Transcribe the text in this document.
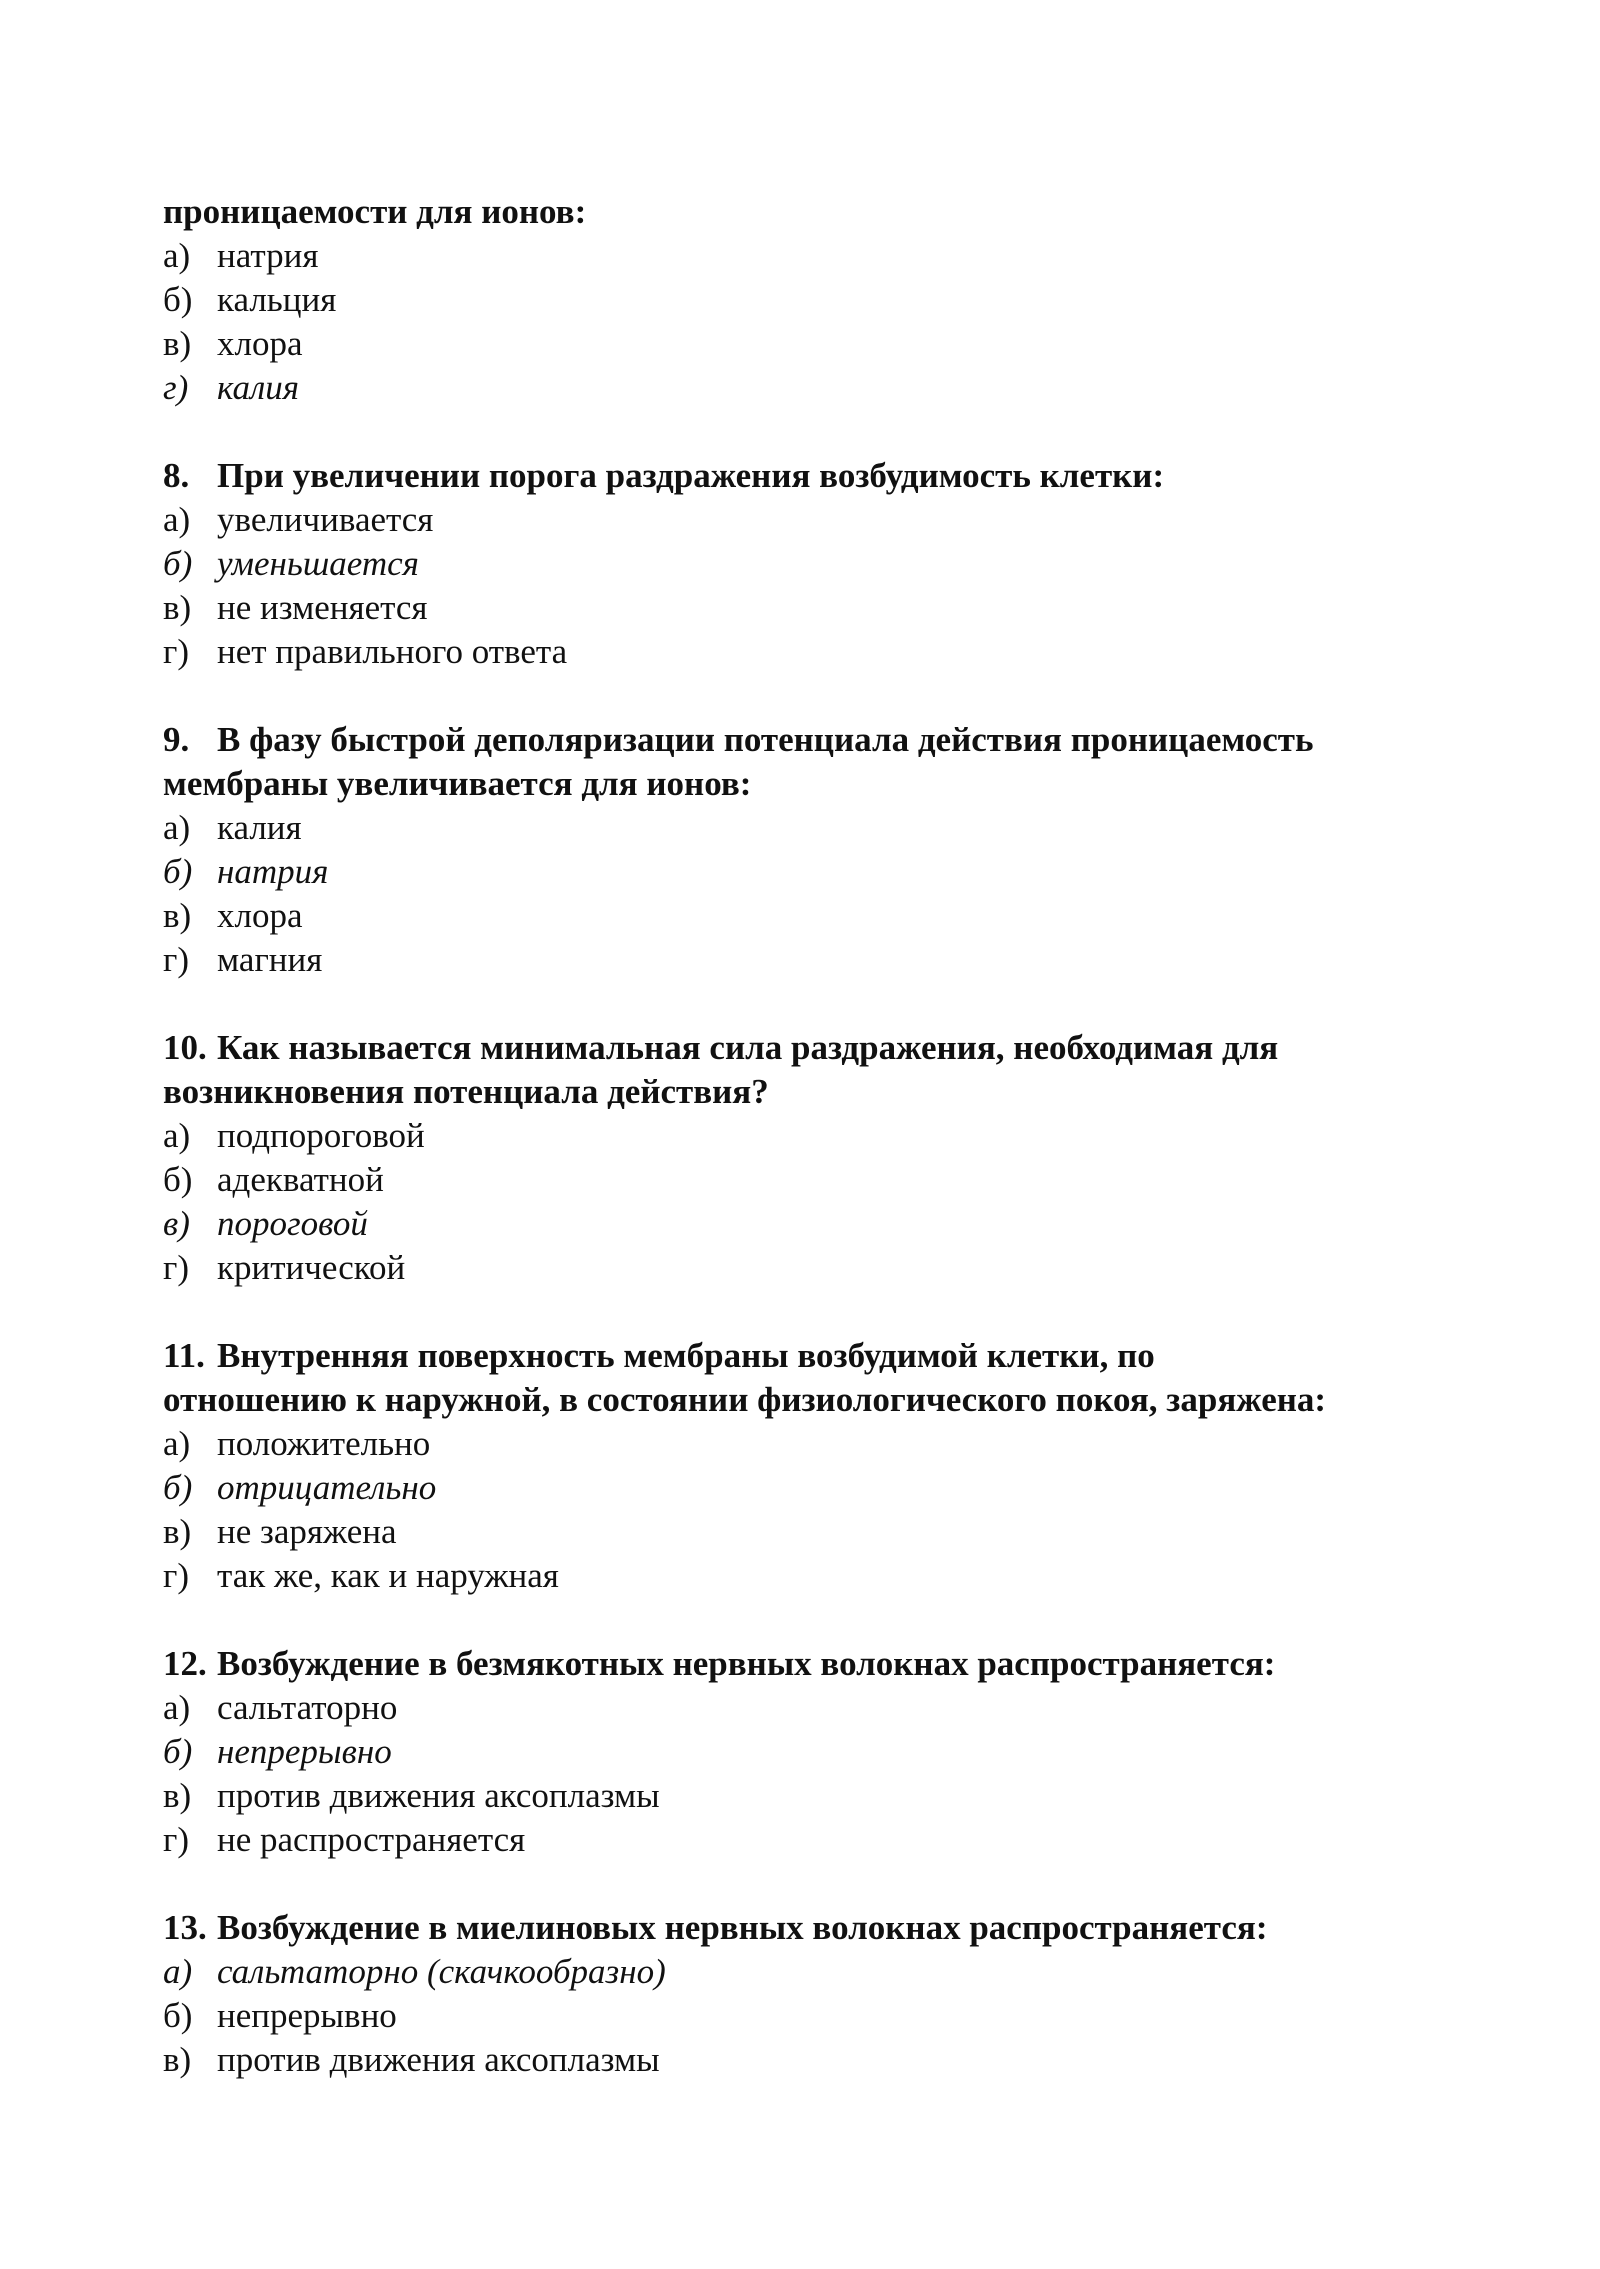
проницаемости для ионов:
а) натрия
б) кальция
в) хлора
г) калия
8. При увеличении порога раздражения возбудимость клетки:
а) увеличивается
б) уменьшается
в) не изменяется
г) нет правильного ответа
9. В фазу быстрой деполяризации потенциала действия проницаемость
мембраны увеличивается для ионов:
а) калия
б) натрия
в) хлора
г) магния
10. Как называется минимальная сила раздражения, необходимая для
возникновения потенциала действия?
а) подпороговой
б) адекватной
в) пороговой
г) критической
11. Внутренняя поверхность мембраны возбудимой клетки, по
отношению к наружной, в состоянии физиологического покоя, заряжена:
а) положительно
б) отрицательно
в) не заряжена
г) так же, как и наружная
12. Возбуждение в безмякотных нервных волокнах распространяется:
а) сальтаторно
б) непрерывно
в) против движения аксоплазмы
г) не распространяется
13. Возбуждение в миелиновых нервных волокнах распространяется:
а) сальтаторно (скачкообразно)
б) непрерывно
в) против движения аксоплазмы
